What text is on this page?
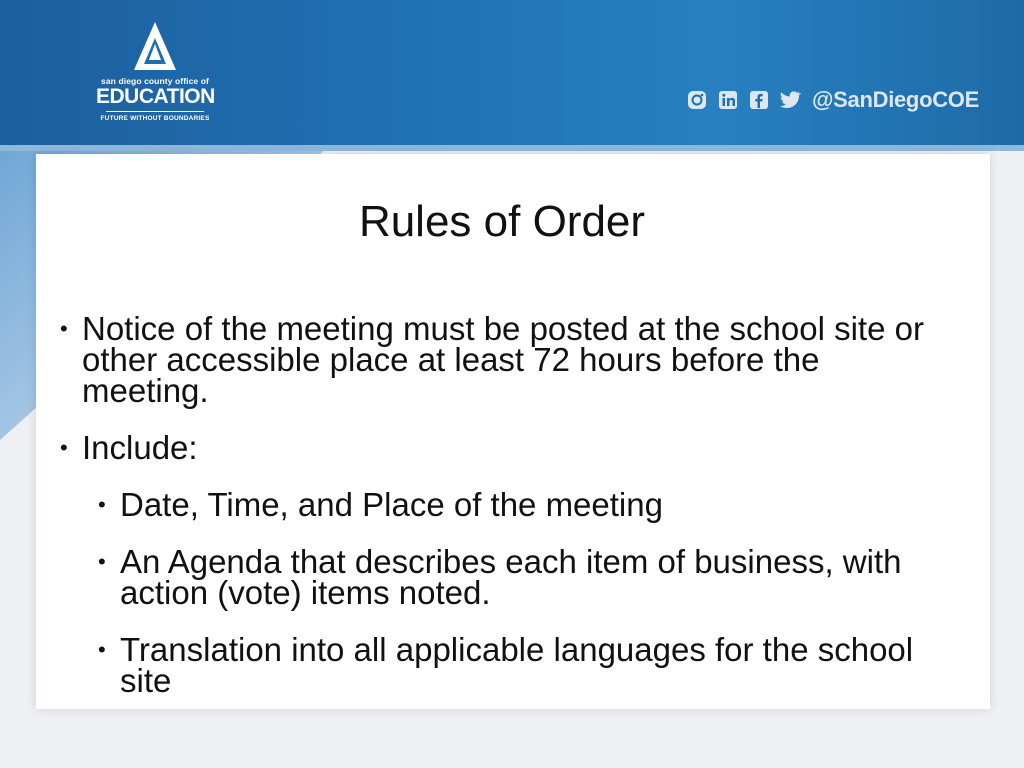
san diego county office of
EDUCATION
FUTURE WITHOUT BOUNDARIES
@SanDiegoCOE
Rules of Order
• Notice of the meeting must be posted at the school site or other accessible place at least 72 hours before the meeting.
• Include:
• Date, Time, and Place of the meeting
• An Agenda that describes each item of business, with action (vote) items noted.
• Translation into all applicable languages for the school site
